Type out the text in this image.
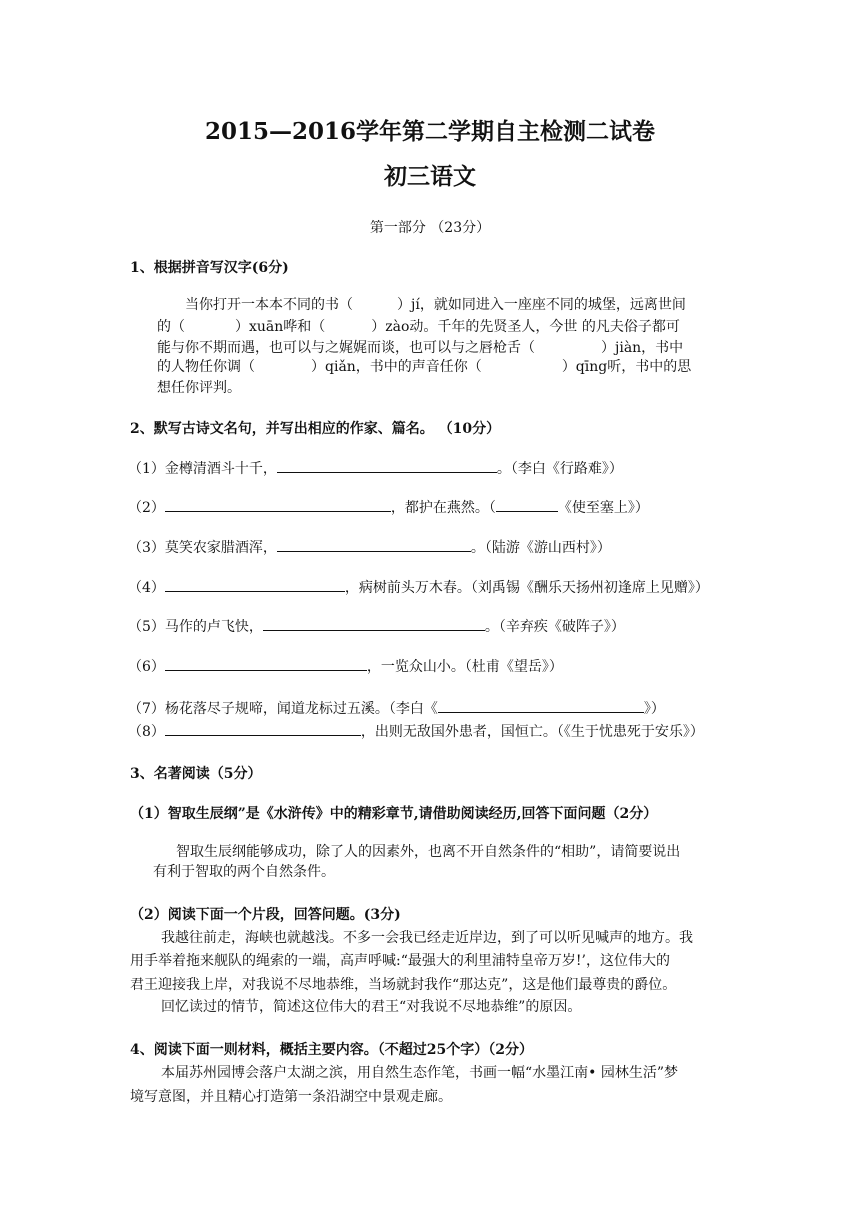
2015—2016学年第二学期自主检测二试卷
初三语文
第一部分 （23分）
1、根据拼音写汉字(6分)
当你打开一本本不同的书（	）jí，就如同进入一座座不同的城堡，远离世间
的（	）xuān哗和（	）zào动。千年的先贤圣人，今世 的凡夫俗子都可
能与你不期而遇，也可以与之娓娓而谈，也可以与之唇枪舌（	）jiàn，书中
的人物任你调（	）qiǎn，书中的声音任你（	）qīng听，书中的思
想任你评判。
2、默写古诗文名句，并写出相应的作家、篇名。 （10分）
（1）金樽清酒斗十千，	。（李白《行路难》）
（2）	，都护在燕然。（	《使至塞上》）
（3）莫笑农家腊酒浑，	。（陆游《游山西村》）
（4）	，病树前头万木春。（刘禹锡《酬乐天扬州初逢席上见赠》）
（5）马作的卢飞快，	。（辛弃疾《破阵子》）
（6）	，一览众山小。（杜甫《望岳》）
（7）杨花落尽子规啼，闻道龙标过五溪。（李白《	》）
（8）	，出则无敌国外患者，国恒亡。（《生于忧患死于安乐》）
3、名著阅读（5分）
（1）智取生辰纲”是《水浒传》中的精彩章节,请借助阅读经历,回答下面问题（2分）
智取生辰纲能够成功，除了人的因素外，也离不开自然条件的“相助”，请简要说出
有利于智取的两个自然条件。
（2）阅读下面一个片段，回答问题。(3分)
我越往前走，海峡也就越浅。不多一会我已经走近岸边，到了可以听见喊声的地方。我
用手举着拖来舰队的绳索的一端，高声呼喊:“最强大的利里浦特皇帝万岁!’，这位伟大的
君王迎接我上岸，对我说不尽地恭维，当场就封我作“那达克”，这是他们最尊贵的爵位。
回忆读过的情节，简述这位伟大的君王“对我说不尽地恭维”的原因。
4、阅读下面一则材料，概括主要内容。（不超过25个字）（2分）
本届苏州园博会落户太湖之滨，用自然生态作笔，书画一幅“水墨江南• 园林生活”梦
境写意图，并且精心打造第一条沿湖空中景观走廊。
